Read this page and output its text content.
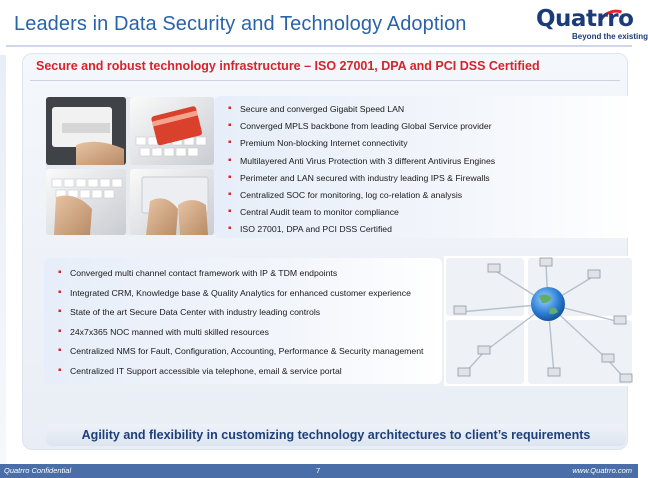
Leaders in Data Security and Technology Adoption	Quatrro
Beyond the existing
Secure and robust technology infrastructure – ISO 27001, DPA and PCI DSS Certified
▪ Secure and converged Gigabit Speed LAN
▪ Converged MPLS backbone from leading Global Service provider
▪ Premium Non-blocking Internet connectivity
▪ Multilayered Anti Virus Protection with 3 different Antivirus Engines
▪ Perimeter and LAN secured with industry leading IPS & Firewalls
▪ Centralized SOC for monitoring, log co-relation & analysis
▪ Central Audit team to monitor compliance
▪ ISO 27001, DPA and PCI DSS Certified
▪ Converged multi channel contact framework with IP & TDM endpoints
▪ Integrated CRM, Knowledge base & Quality Analytics for enhanced customer experience
▪ State of the art Secure Data Center with industry leading controls
▪ 24x7x365 NOC manned with multi skilled resources
▪ Centralized NMS for Fault, Configuration, Accounting, Performance & Security management
▪ Centralized IT Support accessible via telephone, email & service portal
Agility and flexibility in customizing technology architectures to client’s requirements
Quatrro Confidential	7	www.Quatrro.com
